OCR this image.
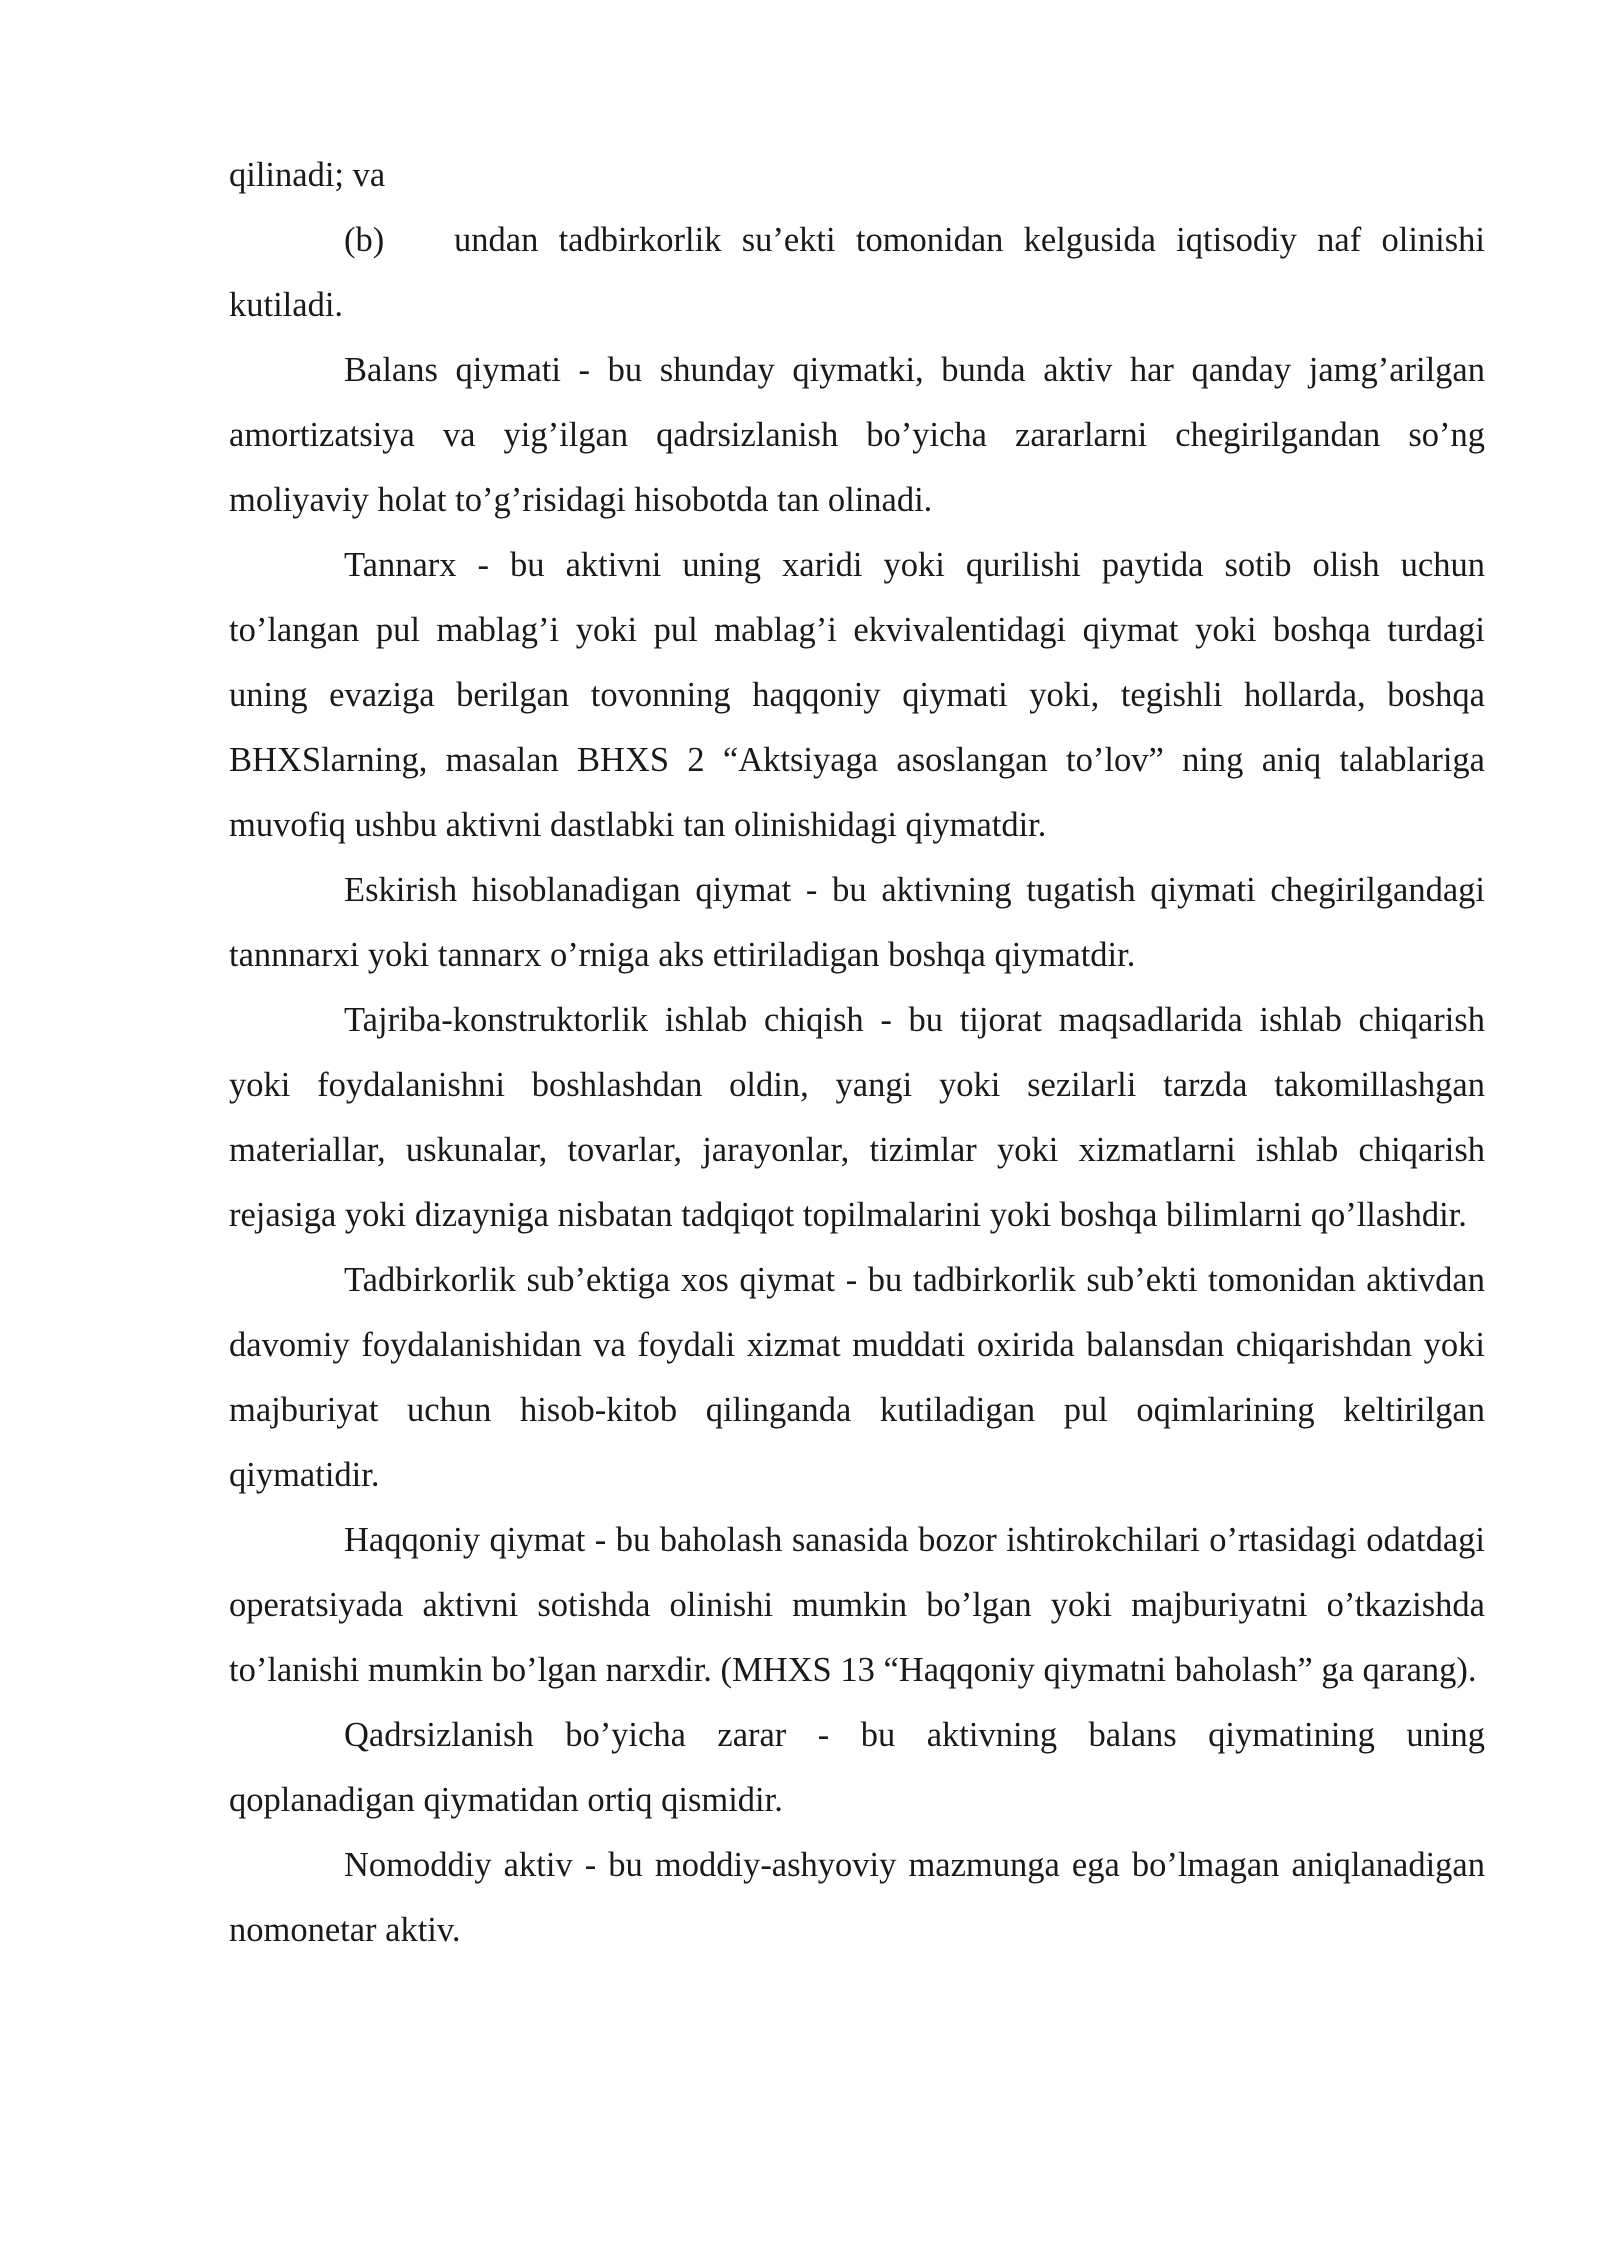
qilinadi; va

(b) undan tadbirkorlik su’ekti tomonidan kelgusida iqtisodiy naf olinishi kutiladi.

Balans qiymati - bu shunday qiymatki, bunda aktiv har qanday jamg’arilgan amortizatsiya va yig’ilgan qadrsizlanish bo’yicha zararlarni chegirilgandan so’ng moliyaviy holat to’g’risidagi hisobotda tan olinadi.

Tannarx - bu aktivni uning xaridi yoki qurilishi paytida sotib olish uchun to’langan pul mablag’i yoki pul mablag’i ekvivalentidagi qiymat yoki boshqa turdagi uning evaziga berilgan tovonning haqqoniy qiymati yoki, tegishli hollarda, boshqa BHXSlarning, masalan BHXS 2 “Aktsiyaga asoslangan to’lov” ning aniq talablariga muvofiq ushbu aktivni dastlabki tan olinishidagi qiymatdir.

Eskirish hisoblanadigan qiymat - bu aktivning tugatish qiymati chegirilgandagi tannnarxi yoki tannarx o’rniga aks ettiriladigan boshqa qiymatdir.

Tajriba-konstruktorlik ishlab chiqish - bu tijorat maqsadlarida ishlab chiqarish yoki foydalanishni boshlashdan oldin, yangi yoki sezilarli tarzda takomillashgan materiallar, uskunalar, tovarlar, jarayonlar, tizimlar yoki xizmatlarni ishlab chiqarish rejasiga yoki dizayniga nisbatan tadqiqot topilmalarini yoki boshqa bilimlarni qo’llashdir.

Tadbirkorlik sub’ektiga xos qiymat - bu tadbirkorlik sub’ekti tomonidan aktivdan davomiy foydalanishidan va foydali xizmat muddati oxirida balansdan chiqarishdan yoki majburiyat uchun hisob-kitob qilinganda kutiladigan pul oqimlarining keltirilgan qiymatidir.

Haqqoniy qiymat - bu baholash sanasida bozor ishtirokchilari o’rtasidagi odatdagi operatsiyada aktivni sotishda olinishi mumkin bo’lgan yoki majburiyatni o’tkazishda to’lanishi mumkin bo’lgan narxdir. (MHXS 13 “Haqqoniy qiymatni baholash” ga qarang).

Qadrsizlanish bo’yicha zarar - bu aktivning balans qiymatining uning qoplanadigan qiymatidan ortiq qismidir.

Nomoddiy aktiv - bu moddiy-ashyoviy mazmunga ega bo’lmagan aniqlanadigan nomonetar aktiv.
